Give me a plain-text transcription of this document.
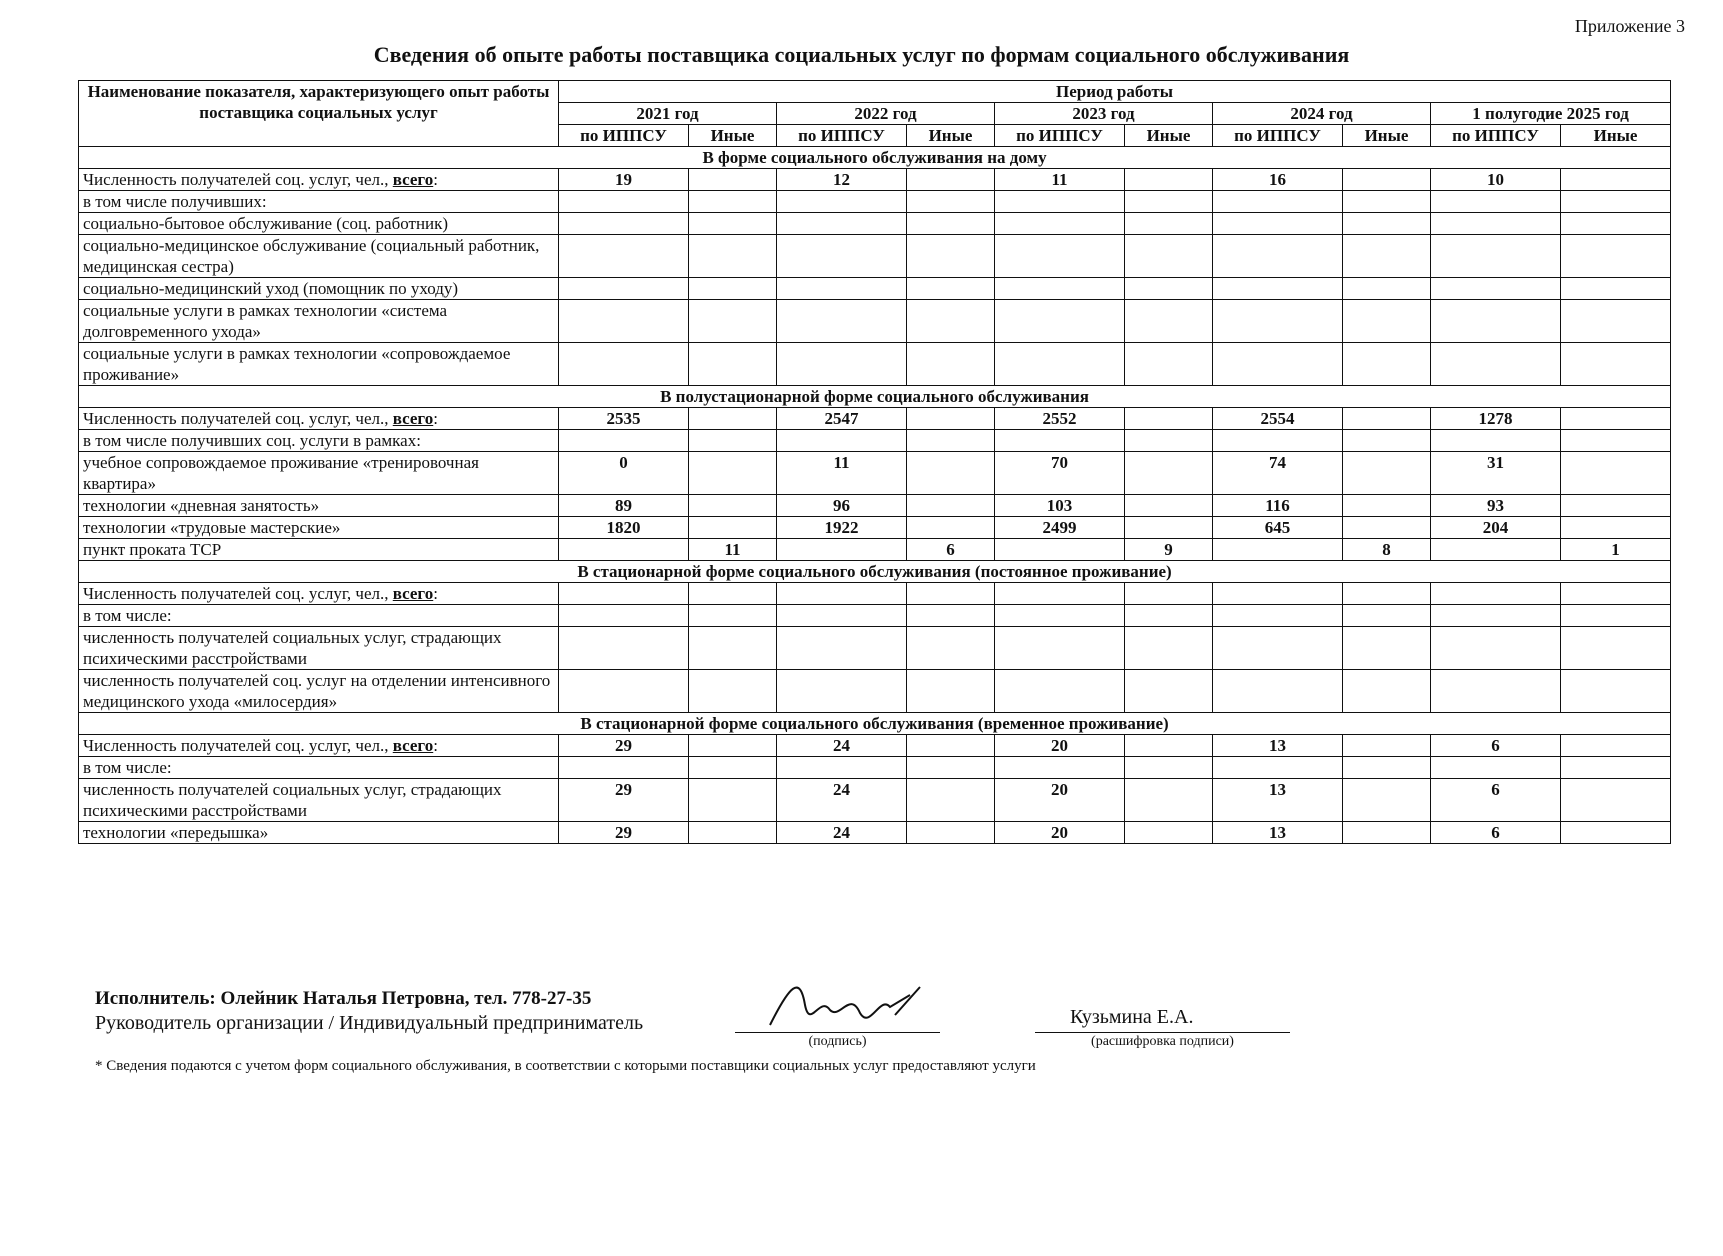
Приложение 3
Сведения об опыте работы поставщика социальных услуг по формам социального обслуживания
Наименование показателя, характеризующего опыт работы поставщика социальных услуг	Период работы									
	2021 год		2022 год		2023 год		2024 год		1 полугодие 2025 год	
	по ИППСУ	Иные	по ИППСУ	Иные	по ИППСУ	Иные	по ИППСУ	Иные	по ИППСУ	Иные
В форме социального обслуживания на дому										
Численность получателей соц. услуг, чел., всего:	19		12		11		16		10	
в том числе получивших:										
социально-бытовое обслуживание (соц. работник)										
социально-медицинское обслуживание (социальный работник, медицинская сестра)										
социально-медицинский уход (помощник по уходу)										
социальные услуги в рамках технологии «система долговременного ухода»										
социальные услуги в рамках технологии «сопровождаемое проживание»										
В полустационарной форме социального обслуживания										
Численность получателей соц. услуг, чел., всего:	2535		2547		2552		2554		1278	
в том числе получивших соц. услуги в рамках:										
учебное сопровождаемое проживание «тренировочная квартира»	0		11		70		74		31	
технологии «дневная занятость»	89		96		103		116		93	
технологии «трудовые мастерские»	1820		1922		2499		645		204	
пункт проката ТСР		11		6		9		8		1
В стационарной форме социального обслуживания (постоянное проживание)										
Численность получателей соц. услуг, чел., всего:										
в том числе:										
численность получателей социальных услуг, страдающих психическими расстройствами										
численность получателей соц. услуг на отделении интенсивного медицинского ухода «милосердия»										
В стационарной форме социального обслуживания (временное проживание)										
Численность получателей соц. услуг, чел., всего:	29		24		20		13		6	
в том числе:										
численность получателей социальных услуг, страдающих психическими расстройствами	29		24		20		13		6	
технологии «передышка»	29		24		20		13		6	
Исполнитель: Олейник Наталья Петровна, тел. 778-27-35
Руководитель организации / Индивидуальный предприниматель
(подпись)
Кузьмина Е.А.
(расшифровка подписи)
* Сведения подаются с учетом форм социального обслуживания, в соответствии с которыми поставщики социальных услуг предоставляют услуги
